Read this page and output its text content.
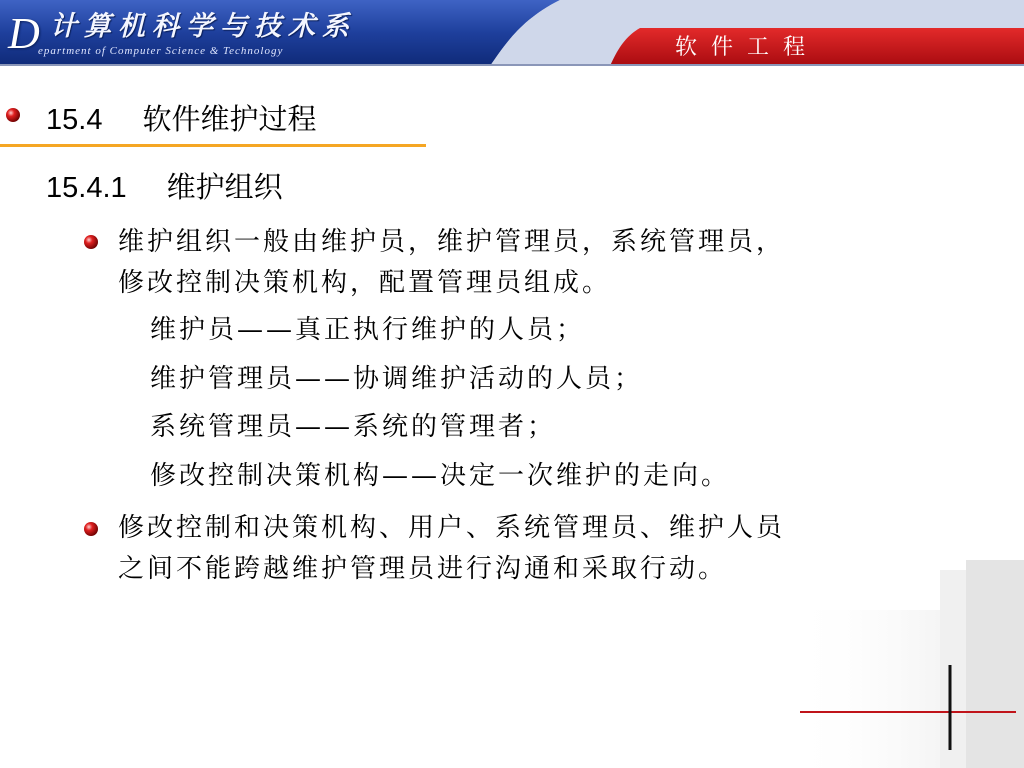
D 计算机科学与技术系
epartment of Computer Science & Technology	软件工程
15.4 软件维护过程
15.4.1 维护组织
维护组织一般由维护员，维护管理员，系统管理员，
修改控制决策机构，配置管理员组成。
维护员——真正执行维护的人员；
维护管理员——协调维护活动的人员；
系统管理员——系统的管理者；
修改控制决策机构——决定一次维护的走向。
修改控制和决策机构、用户、系统管理员、维护人员
之间不能跨越维护管理员进行沟通和采取行动。
